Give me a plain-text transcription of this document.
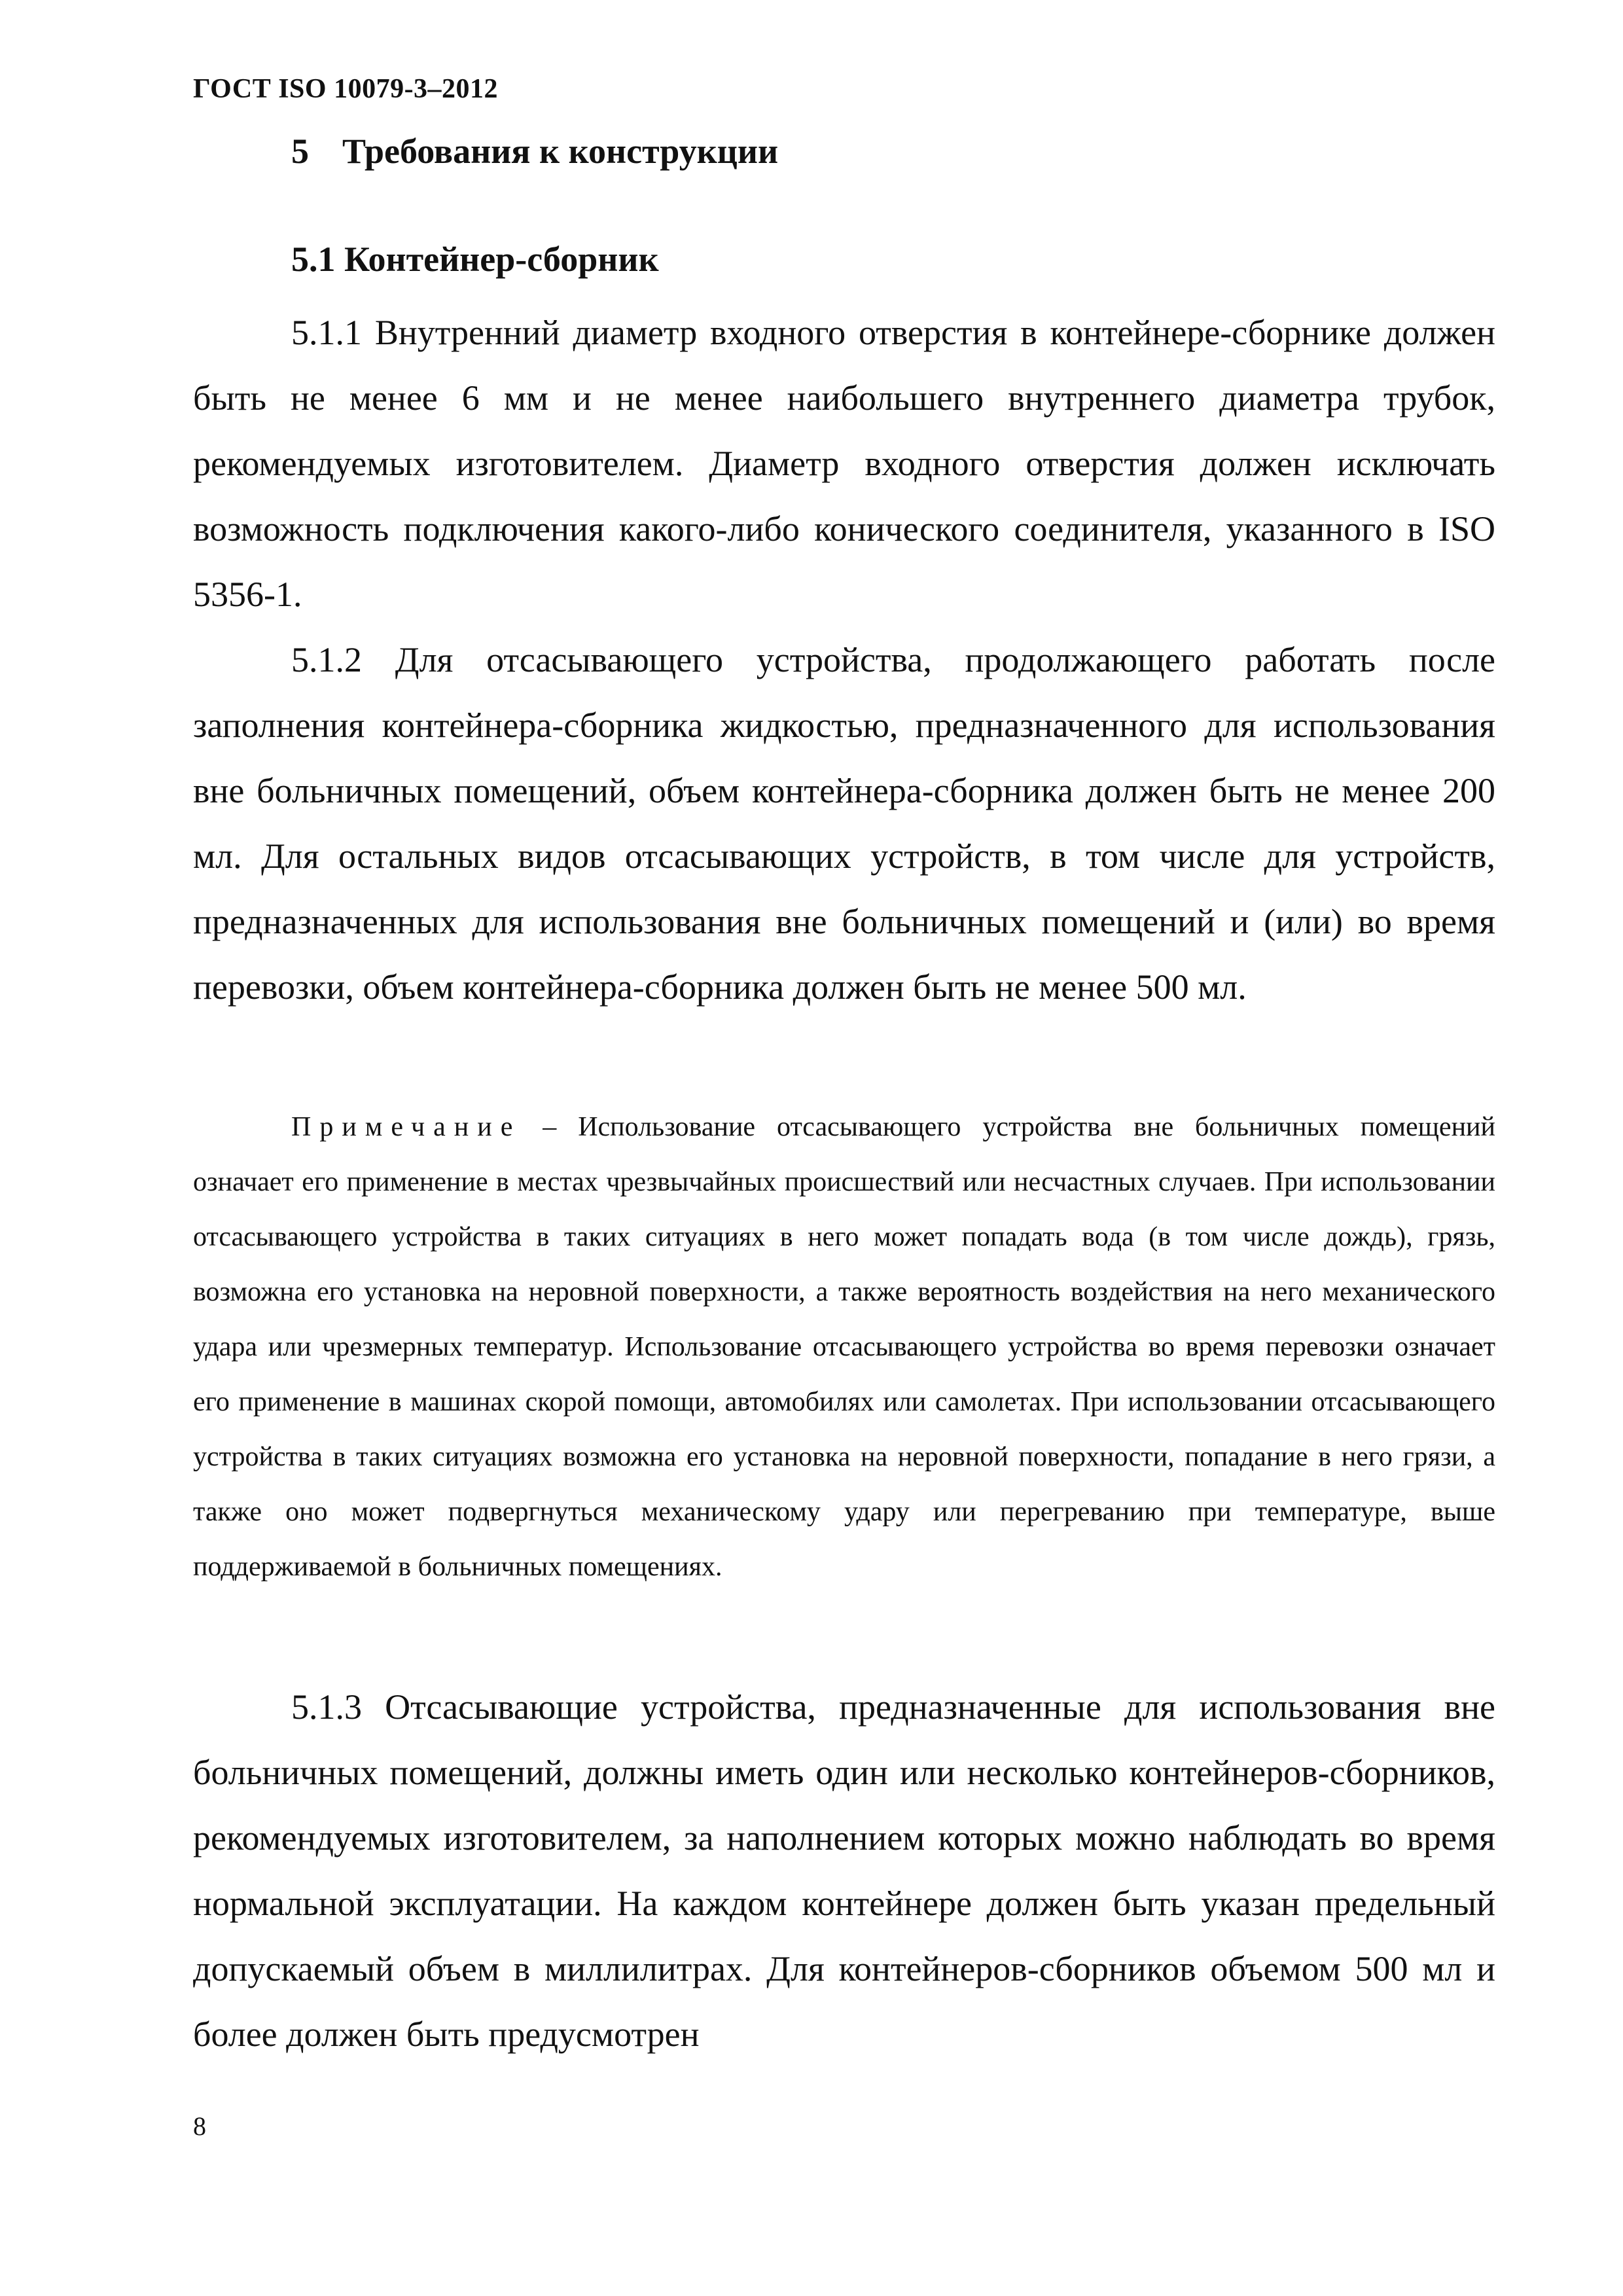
ГОСТ ISO 10079-3–2012
5 Требования к конструкции
5.1 Контейнер-сборник

5.1.1 Внутренний диаметр входного отверстия в контейнере-сборнике должен быть не менее 6 мм и не менее наибольшего внутреннего диаметра трубок, рекомендуемых изготовителем. Диаметр входного отверстия должен исключать возможность подключения какого-либо конического соединителя, указанного в ISO 5356-1.

5.1.2 Для отсасывающего устройства, продолжающего работать после заполнения контейнера-сборника жидкостью, предназначенного для использования вне больничных помещений, объем контейнера-сборника должен быть не менее 200 мл. Для остальных видов отсасывающих устройств, в том числе для устройств, предназначенных для использования вне больничных помещений и (или) во время перевозки, объем контейнера-сборника должен быть не менее 500 мл.

Примечание – Использование отсасывающего устройства вне больничных помещений означает его применение в местах чрезвычайных происшествий или несчастных случаев. При использовании отсасывающего устройства в таких ситуациях в него может попадать вода (в том числе дождь), грязь, возможна его установка на неровной поверхности, а также вероятность воздействия на него механического удара или чрезмерных температур. Использование отсасывающего устройства во время перевозки означает его применение в машинах скорой помощи, автомобилях или самолетах. При использовании отсасывающего устройства в таких ситуациях возможна его установка на неровной поверхности, попадание в него грязи, а также оно может подвергнуться механическому удару или перегреванию при температуре, выше поддерживаемой в больничных помещениях.

5.1.3 Отсасывающие устройства, предназначенные для использования вне больничных помещений, должны иметь один или несколько контейнеров-сборников, рекомендуемых изготовителем, за наполнением которых можно наблюдать во время нормальной эксплуатации. На каждом контейнере должен быть указан предельный допускаемый объем в миллилитрах. Для контейнеров-сборников объемом 500 мл и более должен быть предусмотрен

8
